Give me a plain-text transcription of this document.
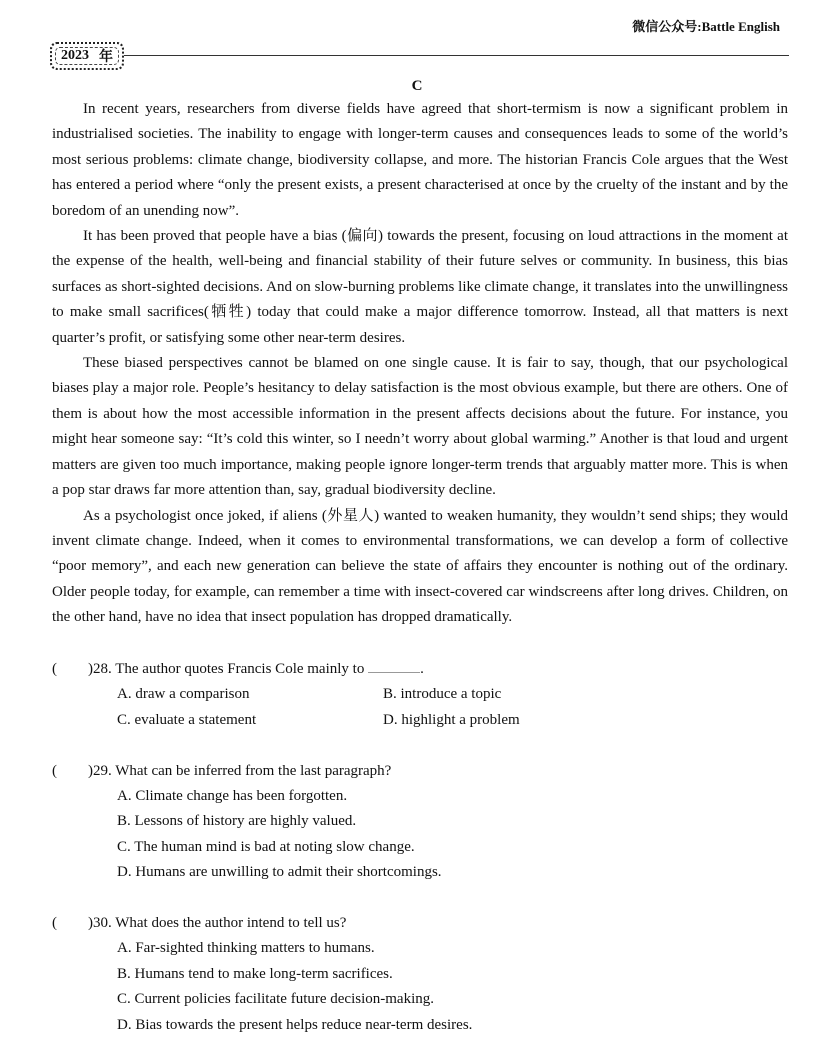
微信公众号:Battle English
2023 年
C

In recent years, researchers from diverse fields have agreed that short-termism is now a significant problem in industrialised societies. The inability to engage with longer-term causes and consequences leads to some of the world’s most serious problems: climate change, biodiversity collapse, and more. The historian Francis Cole argues that the West has entered a period where “only the present exists, a present characterised at once by the cruelty of the instant and by the boredom of an unending now”.

It has been proved that people have a bias (偏向) towards the present, focusing on loud attractions in the moment at the expense of the health, well-being and financial stability of their future selves or community. In business, this bias surfaces as short-sighted decisions. And on slow-burning problems like climate change, it translates into the unwillingness to make small sacrifices(牺牲) today that could make a major difference tomorrow. Instead, all that matters is next quarter’s profit, or satisfying some other near-term desires.

These biased perspectives cannot be blamed on one single cause. It is fair to say, though, that our psychological biases play a major role. People’s hesitancy to delay satisfaction is the most obvious example, but there are others. One of them is about how the most accessible information in the present affects decisions about the future. For instance, you might hear someone say: “It’s cold this winter, so I needn’t worry about global warming.” Another is that loud and urgent matters are given too much importance, making people ignore longer-term trends that arguably matter more. This is when a pop star draws far more attention than, say, gradual biodiversity decline.

As a psychologist once joked, if aliens (外星人) wanted to weaken humanity, they wouldn’t send ships; they would invent climate change. Indeed, when it comes to environmental transformations, we can develop a form of collective “poor memory”, and each new generation can believe the state of affairs they encounter is nothing out of the ordinary. Older people today, for example, can remember a time with insect-covered car windscreens after long drives. Children, on the other hand, have no idea that insect population has dropped dramatically.

(	)28. The author quotes Francis Cole mainly to	.
A. draw a comparison	B. introduce a topic
C. evaluate a statement	D. highlight a problem
(	)29. What can be inferred from the last paragraph?
A. Climate change has been forgotten.
B. Lessons of history are highly valued.
C. The human mind is bad at noting slow change.
D. Humans are unwilling to admit their shortcomings.
(	)30. What does the author intend to tell us?
A. Far-sighted thinking matters to humans.
B. Humans tend to make long-term sacrifices.
C. Current policies facilitate future decision-making.
D. Bias towards the present helps reduce near-term desires.
